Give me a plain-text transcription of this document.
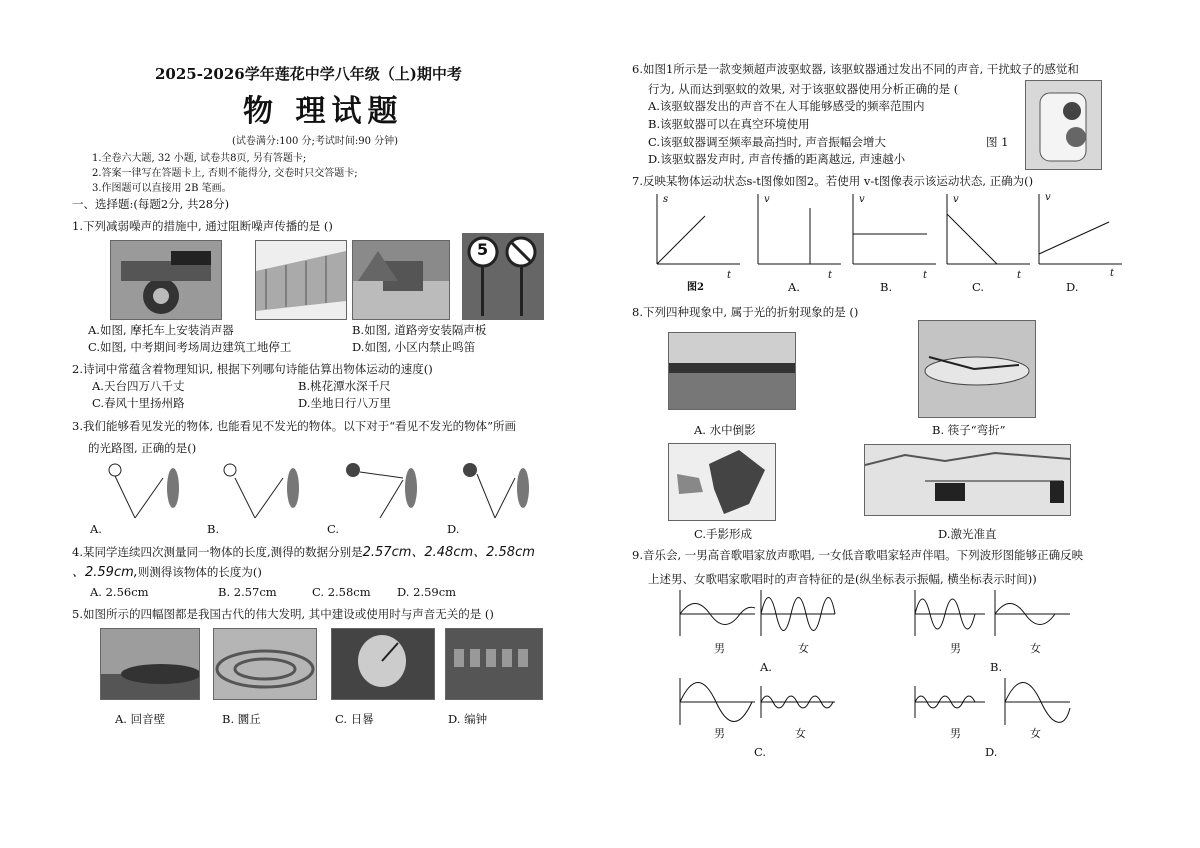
2025-2026学年莲花中学八年级（上)期中考
物 理试题
(试卷满分:100 分;考试时间:90 分钟)
1.全卷六大题, 32 小题, 试卷共8页, 另有答题卡;
2.答案一律写在答题卡上, 否则不能得分, 交卷时只交答题卡;
3.作图题可以直接用 2B 笔画。
一、选择题:(每题2分, 共28分)
1.下列减弱噪声的措施中, 通过阻断噪声传播的是 ()
5
A.如图, 摩托车上安装消声器	B.如图, 道路旁安装隔声板
C.如图, 中考期间考场周边建筑工地停工	D.如图, 小区内禁止鸣笛
2.诗词中常蕴含着物理知识, 根据下列哪句诗能估算出物体运动的速度()
A.天台四万八千丈	B.桃花潭水深千尺
C.春风十里扬州路	D.坐地日行八万里
3.我们能够看见发光的物体, 也能看见不发光的物体。以下对于“看见不发光的物体”所画
的光路图, 正确的是()
A.	B.	C.	D.
4.某同学连续四次测量同一物体的长度,测得的数据分别是2.57cm、2.48cm、2.58cm
、2.59cm,则测得该物体的长度为()
A. 2.56cm	B. 2.57cm	C. 2.58cm D. 2.59cm
5.如图所示的四幅图都是我国古代的伟大发明, 其中建设或使用时与声音无关的是 ()
A. 回音壁	B. 圜丘	C. 日晷	D. 编钟
6.如图1所示是一款变频超声波驱蚊器, 该驱蚊器通过发出不同的声音, 干扰蚊子的感觉和
行为, 从而达到驱蚊的效果, 对于该驱蚊器使用分析正确的是 (
A.该驱蚊器发出的声音不在人耳能够感受的频率范围内
B.该驱蚊器可以在真空环境使用
C.该驱蚊器调至频率最高挡时, 声音振幅会增大	图 1
D.该驱蚊器发声时, 声音传播的距离越远, 声速越小
7.反映某物体运动状态s-t图像如图2。若使用 v-t图像表示该运动状态, 正确为()
s	v	v	v	v
t	t	t	t	t
图2	A.	B.	C.	D.
8.下列四种现象中, 属于光的折射现象的是 ()
A. 水中倒影	B. 筷子“弯折”
C.手影形成	D.激光准直
9.音乐会, 一男高音歌唱家放声歌唱, 一女低音歌唱家轻声伴唱。下列波形图能够正确反映
上述男、女歌唱家歌唱时的声音特征的是(纵坐标表示振幅, 横坐标表示时间))
男	女
A.
男	女
B.
男	女
C.
男	女
D.
